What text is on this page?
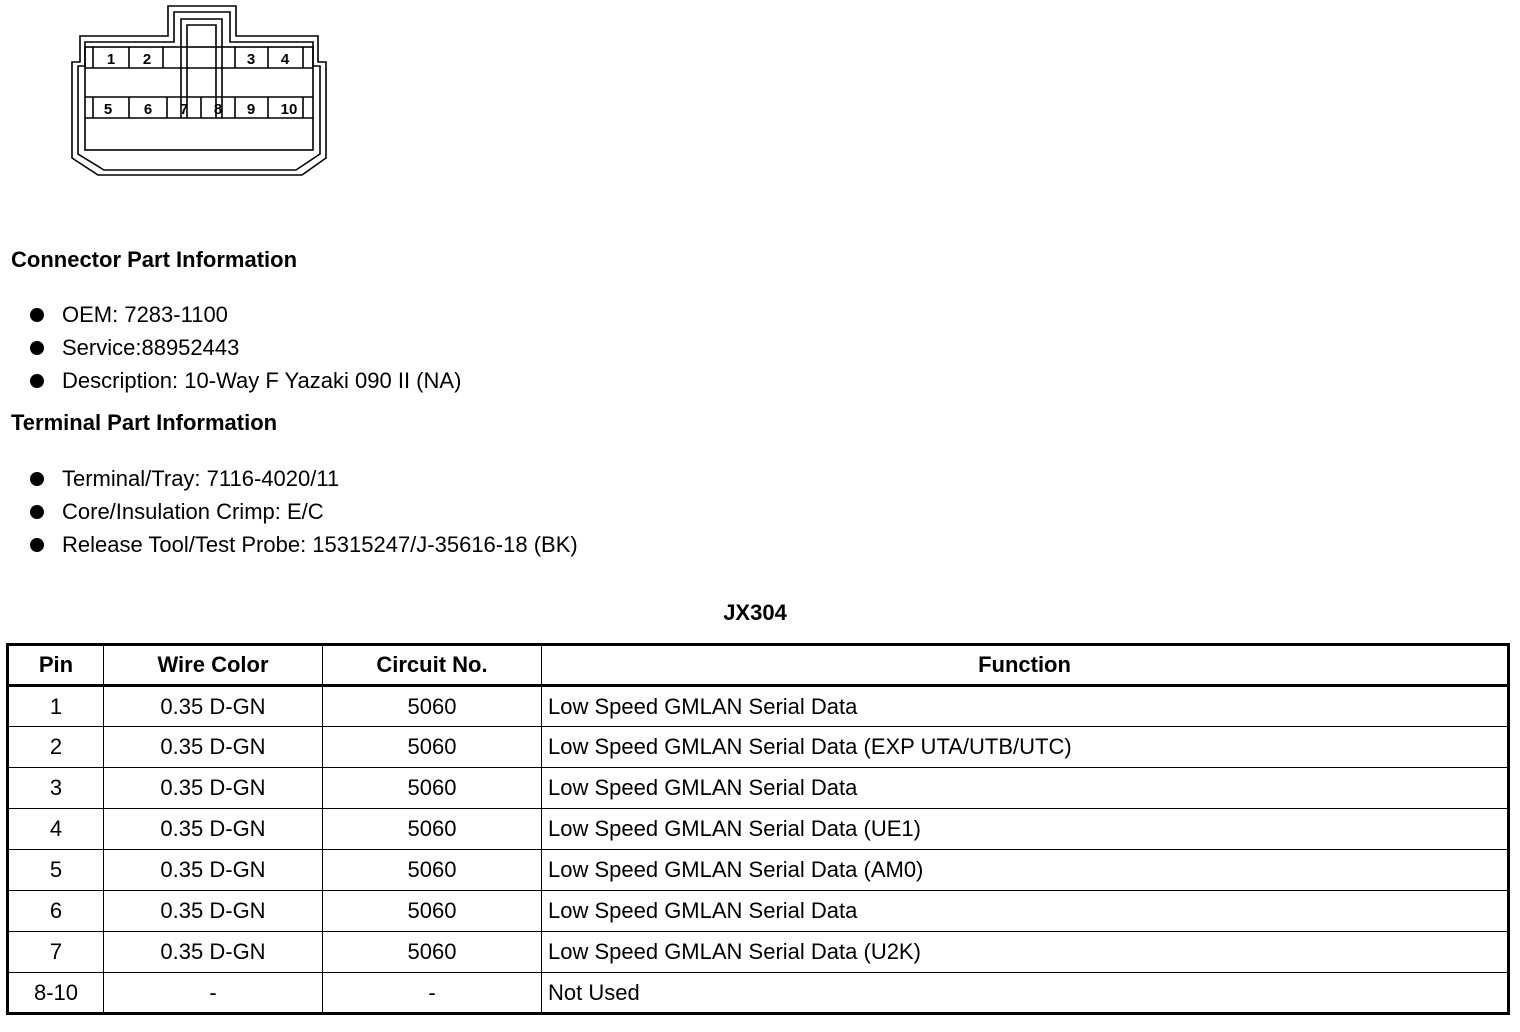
1 2	3 4
5 6 7 8 9 10
Connector Part Information
OEM: 7283-1100
Service:88952443
Description: 10-Way F Yazaki 090 II (NA)
Terminal Part Information
Terminal/Tray: 7116-4020/11
Core/Insulation Crimp: E/C
Release Tool/Test Probe: 15315247/J-35616-18 (BK)
JX304
Pin	Wire Color	Circuit No.	Function
1	0.35 D-GN	5060	Low Speed GMLAN Serial Data
2	0.35 D-GN	5060	Low Speed GMLAN Serial Data (EXP UTA/UTB/UTC)
3	0.35 D-GN	5060	Low Speed GMLAN Serial Data
4	0.35 D-GN	5060	Low Speed GMLAN Serial Data (UE1)
5	0.35 D-GN	5060	Low Speed GMLAN Serial Data (AM0)
6	0.35 D-GN	5060	Low Speed GMLAN Serial Data
7	0.35 D-GN	5060	Low Speed GMLAN Serial Data (U2K)
8-10	-	-	Not Used
